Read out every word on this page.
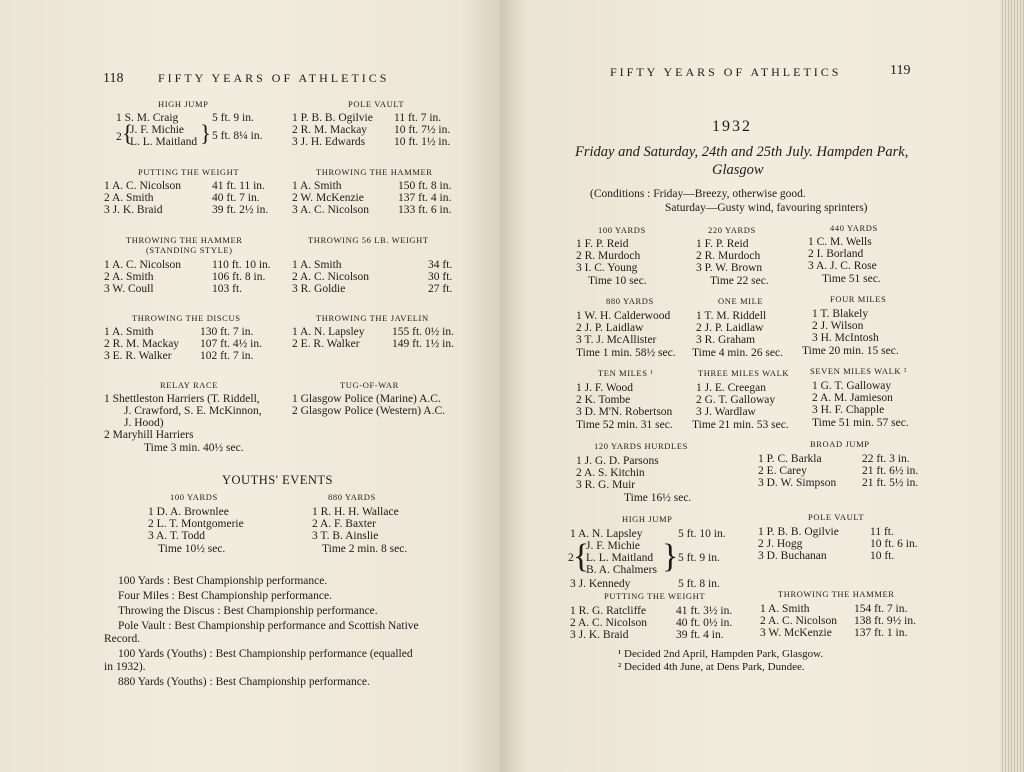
118	FIFTY YEARS OF ATHLETICS
HIGH JUMP
1 S. M. Craig	5 ft. 9 in.
2 {
J. F. Michie
L. L. Maitland } 5 ft. 8¼ in.
POLE VAULT
1 P. B. B. Ogilvie 11 ft. 7 in.
2 R. M. Mackay 10 ft. 7½ in.
3 J. H. Edwards	10 ft. 1½ in.
PUTTING THE WEIGHT
1 A. C. Nicolson	41 ft. 11 in.
2 A. Smith	40 ft. 7 in.
3 J. K. Braid	39 ft. 2½ in.
THROWING THE HAMMER
1 A. Smith	150 ft. 8 in.
2 W. McKenzie	137 ft. 4 in.
3 A. C. Nicolson	133 ft. 6 in.
THROWING THE HAMMER
(STANDING STYLE)
1 A. C. Nicolson	110 ft. 10 in.
2 A. Smith	106 ft. 8 in.
3 W. Coull	103 ft.
THROWING 56 LB. WEIGHT
1 A. Smith	34 ft.
2 A. C. Nicolson	30 ft.
3 R. Goldie	27 ft.
THROWING THE DISCUS
1 A. Smith	130 ft. 7 in.
2 R. M. Mackay 107 ft. 4½ in.
3 E. R. Walker 102 ft. 7 in.
THROWING THE JAVELIN
1 A. N. Lapsley 155 ft. 0½ in.
2 E. R. Walker	149 ft. 1½ in.
RELAY RACE
1 Shettleston Harriers (T. Riddell,
J. Crawford, S. E. McKinnon,
J. Hood)
2 Maryhill Harriers
Time 3 min. 40½ sec.
TUG-OF-WAR
1 Glasgow Police (Marine) A.C.
2 Glasgow Police (Western) A.C.
YOUTHS' EVENTS
100 YARDS
1 D. A. Brownlee
2 L. T. Montgomerie
3 A. T. Todd
Time 10½ sec.
880 YARDS
1 R. H. H. Wallace
2 A. F. Baxter
3 T. B. Ainslie
Time 2 min. 8 sec.
100 Yards : Best Championship performance.
Four Miles : Best Championship performance.
Throwing the Discus : Best Championship performance.
Pole Vault : Best Championship performance and Scottish Native
Record.
100 Yards (Youths) : Best Championship performance (equalled
in 1932).
880 Yards (Youths) : Best Championship performance.
FIFTY YEARS OF ATHLETICS	119
1932
Friday and Saturday, 24th and 25th July. Hampden Park,
Glasgow
(Conditions : Friday—Breezy, otherwise good.
Saturday—Gusty wind, favouring sprinters)
100 YARDS
1 F. P. Reid
2 R. Murdoch
3 I. C. Young
Time 10 sec.
220 YARDS
1 F. P. Reid
2 R. Murdoch
3 P. W. Brown
Time 22 sec.
440 YARDS
1 C. M. Wells
2 I. Borland
3 A. J. C. Rose
Time 51 sec.
880 YARDS
1 W. H. Calderwood
2 J. P. Laidlaw
3 T. J. McAllister
Time 1 min. 58½ sec.
ONE MILE
1 T. M. Riddell
2 J. P. Laidlaw
3 R. Graham
Time 4 min. 26 sec.
FOUR MILES
1 T. Blakely
2 J. Wilson
3 H. McIntosh
Time 20 min. 15 sec.
TEN MILES ¹
1 J. F. Wood
2 K. Tombe
3 D. M'N. Robertson
Time 52 min. 31 sec.
THREE MILES WALK
1 J. E. Creegan
2 G. T. Galloway
3 J. Wardlaw
Time 21 min. 53 sec.
SEVEN MILES WALK ²
1 G. T. Galloway
2 A. M. Jamieson
3 H. F. Chapple
Time 51 min. 57 sec.
120 YARDS HURDLES
1 J. G. D. Parsons
2 A. S. Kitchin
3 R. G. Muir
Time 16½ sec.
BROAD JUMP
1 P. C. Barkla	22 ft. 3 in.
2 E. Carey	21 ft. 6½ in.
3 D. W. Simpson 21 ft. 5½ in.
HIGH JUMP
1 A. N. Lapsley	5 ft. 10 in.
2 {
J. F. Michie
L. L. Maitland
B. A. Chalmers } 5 ft. 9 in.
3 J. Kennedy	5 ft. 8 in.
POLE VAULT
1 P. B. B. Ogilvie	11 ft.
2 J. Hogg	10 ft. 6 in.
3 D. Buchanan	10 ft.
PUTTING THE WEIGHT
1 R. G. Ratcliffe	41 ft. 3½ in.
2 A. C. Nicolson	40 ft. 0½ in.
3 J. K. Braid	39 ft. 4 in.
THROWING THE HAMMER
1 A. Smith	154 ft. 7 in.
2 A. C. Nicolson 138 ft. 9½ in.
3 W. McKenzie 137 ft. 1 in.
¹ Decided 2nd April, Hampden Park, Glasgow.
² Decided 4th June, at Dens Park, Dundee.
